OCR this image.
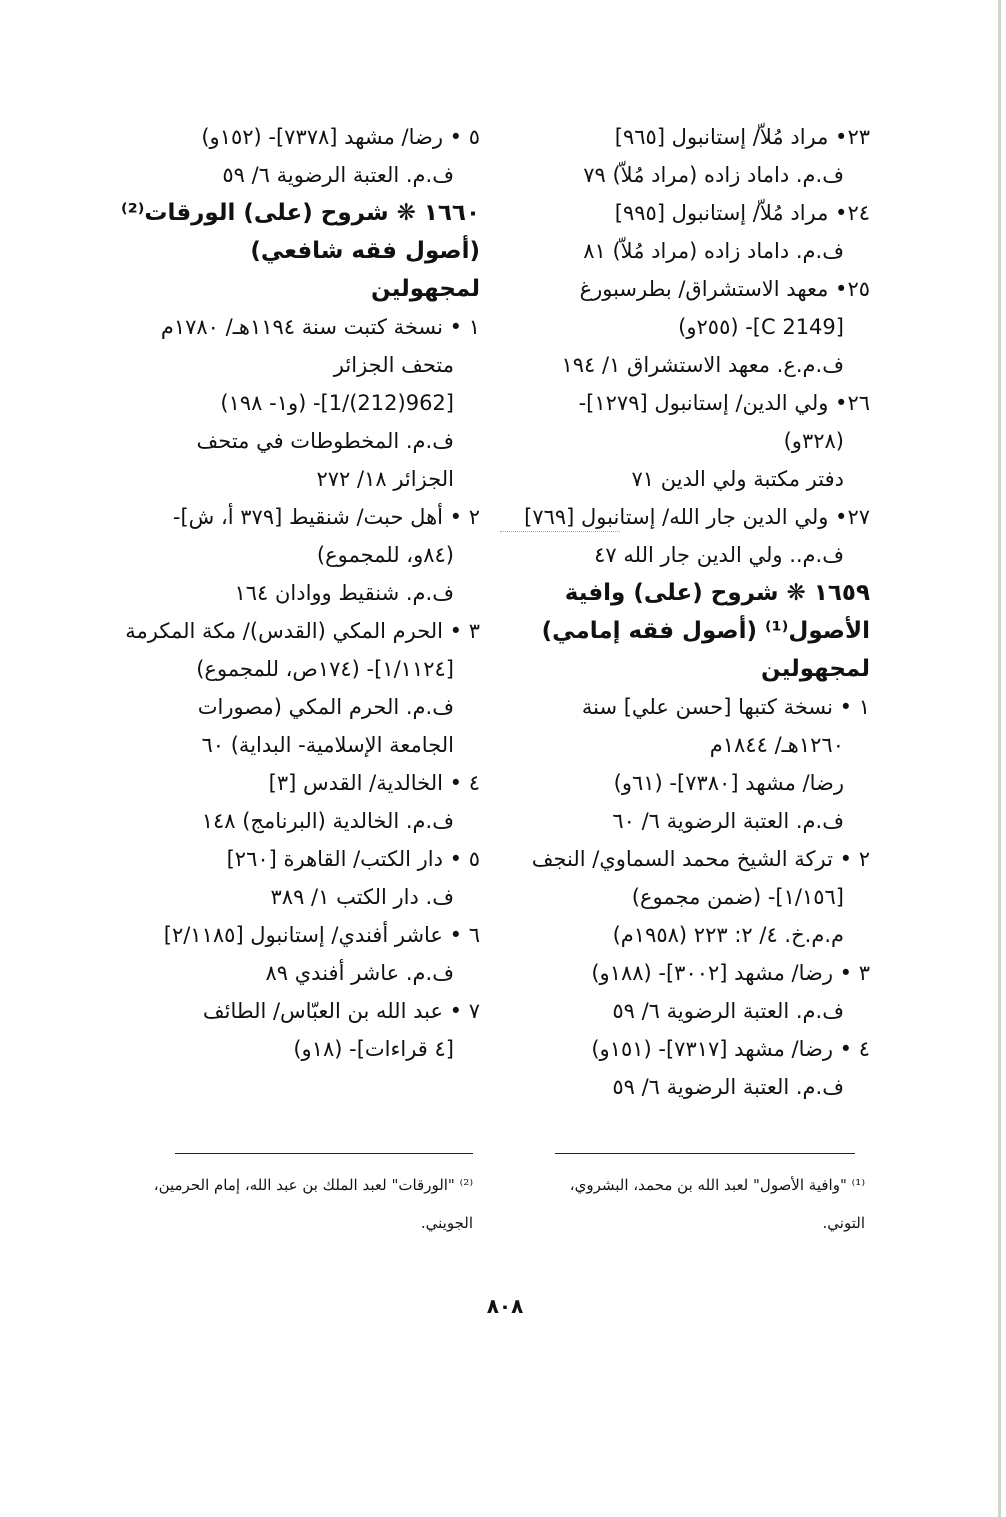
٢٣• مراد مُلاّ/ إستانبول [٩٦٥]
ف.م. داماد زاده (مراد مُلاّ) ٧٩
٢٤• مراد مُلاّ/ إستانبول [٩٩٥]
ف.م. داماد زاده (مراد مُلاّ) ٨١
٢٥• معهد الاستشراق/ بطرسبورغ
[C 2149]- (٢٥٥و)
ف.م.ع. معهد الاستشراق ١/ ١٩٤
٢٦• ولي الدين/ إستانبول [١٢٧٩]-
(٣٢٨و)
دفتر مكتبة ولي الدين ٧١
٢٧• ولي الدين جار الله/ إستانبول [٧٦٩]
ف.م.. ولي الدين جار الله ٤٧
١٦٥٩ ❋ شروح (على) وافية
الأصول⁽¹⁾ (أصول فقه إمامي)
لمجهولين
١ • نسخة كتبها [حسن علي] سنة
١٢٦٠هـ/ ١٨٤٤م
رضا/ مشهد [٧٣٨٠]- (٦١و)
ف.م. العتبة الرضوية ٦/ ٦٠
٢ • تركة الشيخ محمد السماوي/ النجف
[١/١٥٦]- (ضمن مجموع)
م.م.خ. ٤/ ٢: ٢٢٣ (١٩٥٨م)
٣ • رضا/ مشهد [٣٠٠٢]- (١٨٨و)
ف.م. العتبة الرضوية ٦/ ٥٩
٤ • رضا/ مشهد [٧٣١٧]- (١٥١و)
ف.م. العتبة الرضوية ٦/ ٥٩
٥ • رضا/ مشهد [٧٣٧٨]- (١٥٢و)
ف.م. العتبة الرضوية ٦/ ٥٩
١٦٦٠ ❋ شروح (على) الورقات⁽²⁾
(أصول فقه شافعي)
لمجهولين
١ • نسخة كتبت سنة ١١٩٤هـ/ ١٧٨٠م
متحف الجزائر
[962(212)/1]- (و١- ١٩٨)
ف.م. المخطوطات في متحف
الجزائر ١٨/ ٢٧٢
٢ • أهل حبت/ شنقيط [٣٧٩ أ، ش]-
(٨٤و، للمجموع)
ف.م. شنقيط ووادان ١٦٤
٣ • الحرم المكي (القدس)/ مكة المكرمة
[١/١١٢٤]- (١٧٤ص، للمجموع)
ف.م. الحرم المكي (مصورات
الجامعة الإسلامية- البداية) ٦٠
٤ • الخالدية/ القدس [٣]
ف.م. الخالدية (البرنامج) ١٤٨
٥ • دار الكتب/ القاهرة [٢٦٠]
ف. دار الكتب ١/ ٣٨٩
٦ • عاشر أفندي/ إستانبول [٢/١١٨٥]
ف.م. عاشر أفندي ٨٩
٧ • عبد الله بن العبّاس/ الطائف
[٤ قراءات]- (١٨و)
⁽¹⁾ "وافية الأصول" لعبد الله بن محمد، البشروي،
التوني.
⁽²⁾ "الورقات" لعبد الملك بن عبد الله، إمام الحرمين،
الجويني.
٨٠٨
